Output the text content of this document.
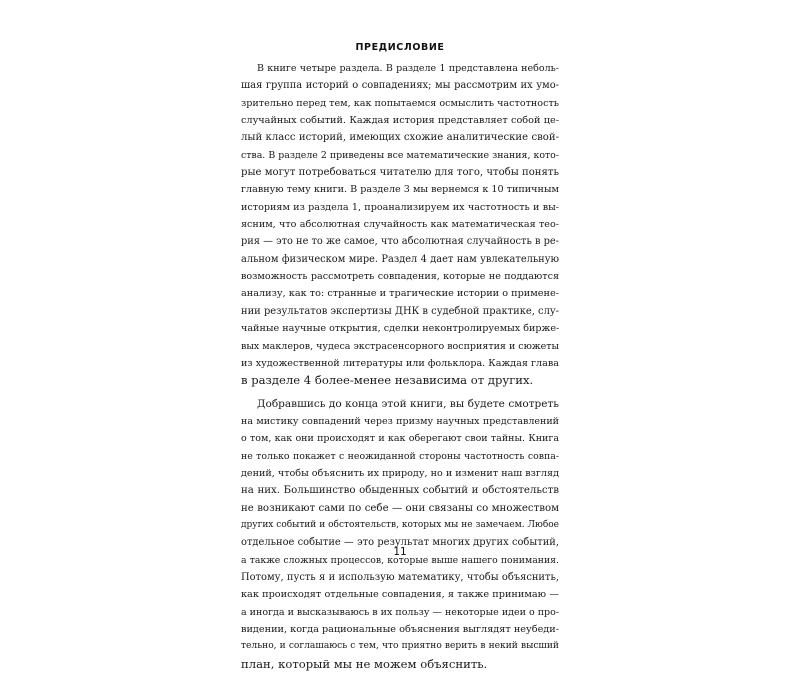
ПРЕДИСЛОВИЕ
В книге четыре раздела. В разделе 1 представлена неболь-
шая группа историй о совпадениях; мы рассмотрим их умо-
зрительно перед тем, как попытаемся осмыслить частотность
случайных событий. Каждая история представляет собой це-
лый класс историй, имеющих схожие аналитические свой-
ства. В разделе 2 приведены все математические знания, кото-
рые могут потребоваться читателю для того, чтобы понять
главную тему книги. В разделе 3 мы вернемся к 10 типичным
историям из раздела 1, проанализируем их частотность и вы-
ясним, что абсолютная случайность как математическая тео-
рия — это не то же самое, что абсолютная случайность в ре-
альном физическом мире. Раздел 4 дает нам увлекательную
возможность рассмотреть совпадения, которые не поддаются
анализу, как то: странные и трагические истории о примене-
нии результатов экспертизы ДНК в судебной практике, слу-
чайные научные открытия, сделки неконтролируемых бирже-
вых маклеров, чудеса экстрасенсорного восприятия и сюжеты
из художественной литературы или фольклора. Каждая глава
в разделе 4 более-менее независима от других.
Добравшись до конца этой книги, вы будете смотреть
на мистику совпадений через призму научных представлений
о том, как они происходят и как оберегают свои тайны. Книга
не только покажет с неожиданной стороны частотность совпа-
дений, чтобы объяснить их природу, но и изменит наш взгляд
на них. Большинство обыденных событий и обстоятельств
не возникают сами по себе — они связаны со множеством
других событий и обстоятельств, которых мы не замечаем. Любое
отдельное событие — это результат многих других событий,
а также сложных процессов, которые выше нашего понимания.
Потому, пусть я и использую математику, чтобы объяснить,
как происходят отдельные совпадения, я также принимаю —
а иногда и высказываюсь в их пользу — некоторые идеи о про-
видении, когда рациональные объяснения выглядят неубеди-
тельно, и соглашаюсь с тем, что приятно верить в некий высший
план, который мы не можем объяснить.
11
